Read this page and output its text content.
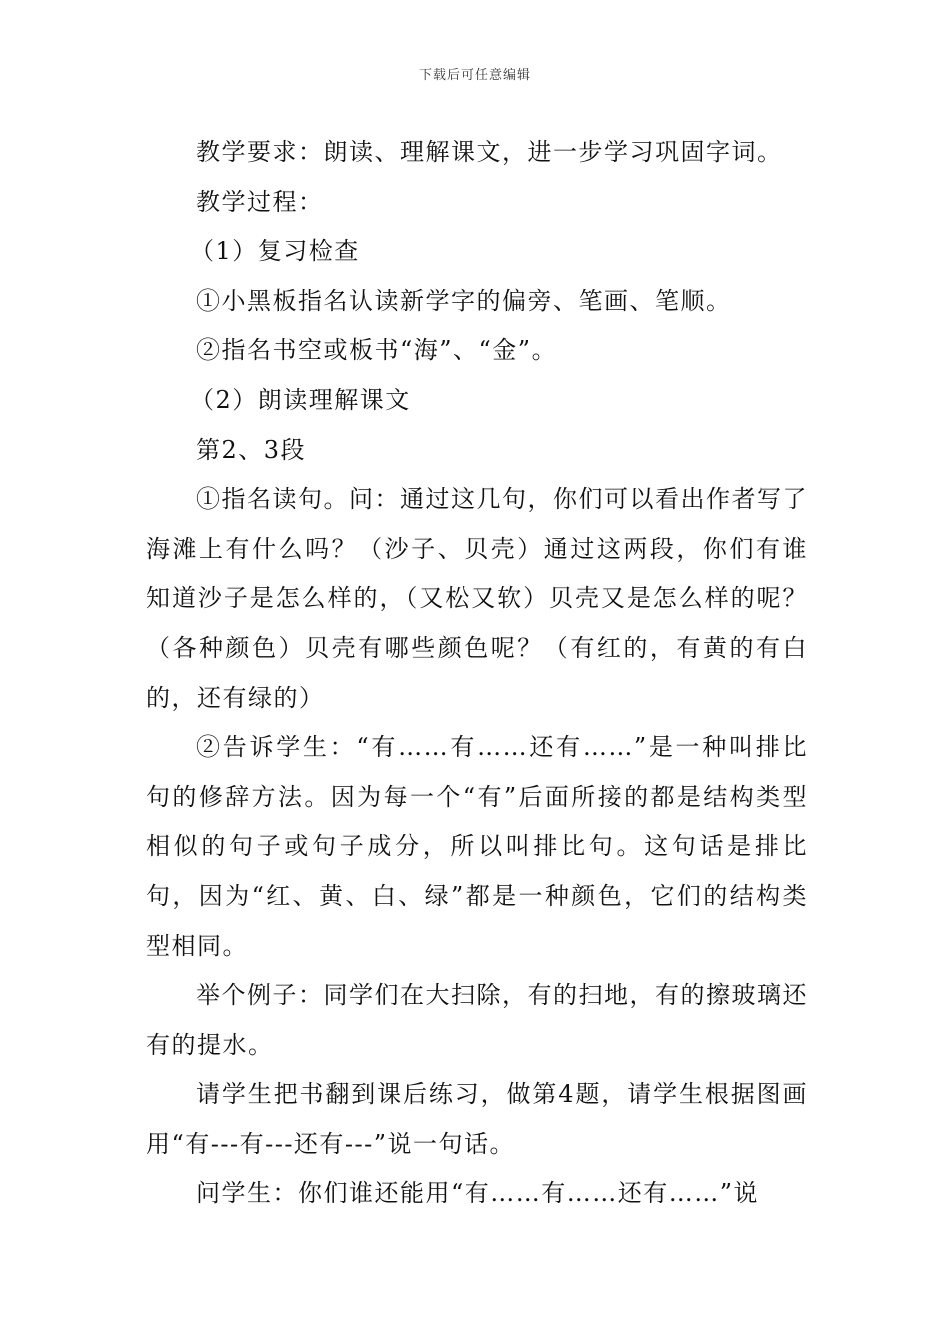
下载后可任意编辑

教学要求：朗读、理解课文，进一步学习巩固字词。

教学过程：

（1）复习检查

①小黑板指名认读新学字的偏旁、笔画、笔顺。

②指名书空或板书“海”、“金”。

（2）朗读理解课文

第2、3段

①指名读句。问：通过这几句，你们可以看出作者写了海滩上有什么吗？（沙子、贝壳）通过这两段，你们有谁知道沙子是怎么样的，（又松又软）贝壳又是怎么样的呢？（各种颜色）贝壳有哪些颜色呢？（有红的，有黄的有白的，还有绿的）

②告诉学生：“有……有……还有……”是一种叫排比句的修辞方法。因为每一个“有”后面所接的都是结构类型相似的句子或句子成分，所以叫排比句。这句话是排比句，因为“红、黄、白、绿”都是一种颜色，它们的结构类型相同。

举个例子：同学们在大扫除，有的扫地，有的擦玻璃还有的提水。

请学生把书翻到课后练习，做第4题，请学生根据图画用“有---有---还有---”说一句话。

问学生：你们谁还能用“有……有……还有……”说
